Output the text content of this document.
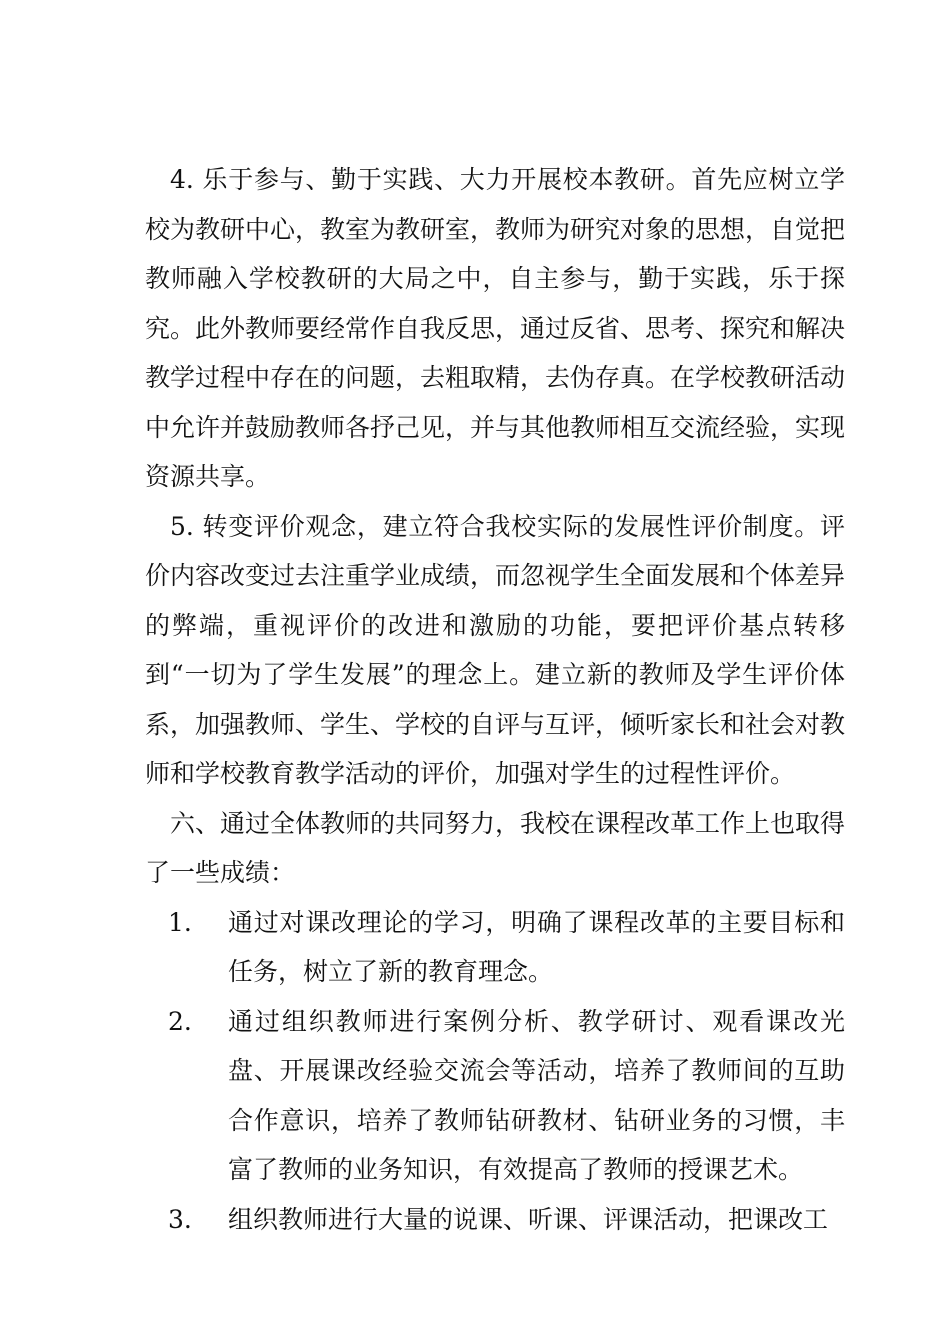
4. 乐于参与、勤于实践、大力开展校本教研。首先应树立学校为教研中心，教室为教研室，教师为研究对象的思想，自觉把教师融入学校教研的大局之中，自主参与，勤于实践，乐于探究。此外教师要经常作自我反思，通过反省、思考、探究和解决教学过程中存在的问题，去粗取精，去伪存真。在学校教研活动中允许并鼓励教师各抒己见，并与其他教师相互交流经验，实现资源共享。

5. 转变评价观念，建立符合我校实际的发展性评价制度。评价内容改变过去注重学业成绩，而忽视学生全面发展和个体差异的弊端，重视评价的改进和激励的功能，要把评价基点转移到“一切为了学生发展”的理念上。建立新的教师及学生评价体系，加强教师、学生、学校的自评与互评，倾听家长和社会对教师和学校教育教学活动的评价，加强对学生的过程性评价。

六、通过全体教师的共同努力，我校在课程改革工作上也取得了一些成绩：

1. 通过对课改理论的学习，明确了课程改革的主要目标和任务，树立了新的教育理念。
2. 通过组织教师进行案例分析、教学研讨、观看课改光盘、开展课改经验交流会等活动，培养了教师间的互助合作意识，培养了教师钻研教材、钻研业务的习惯，丰富了教师的业务知识，有效提高了教师的授课艺术。
3. 组织教师进行大量的说课、听课、评课活动，把课改工
